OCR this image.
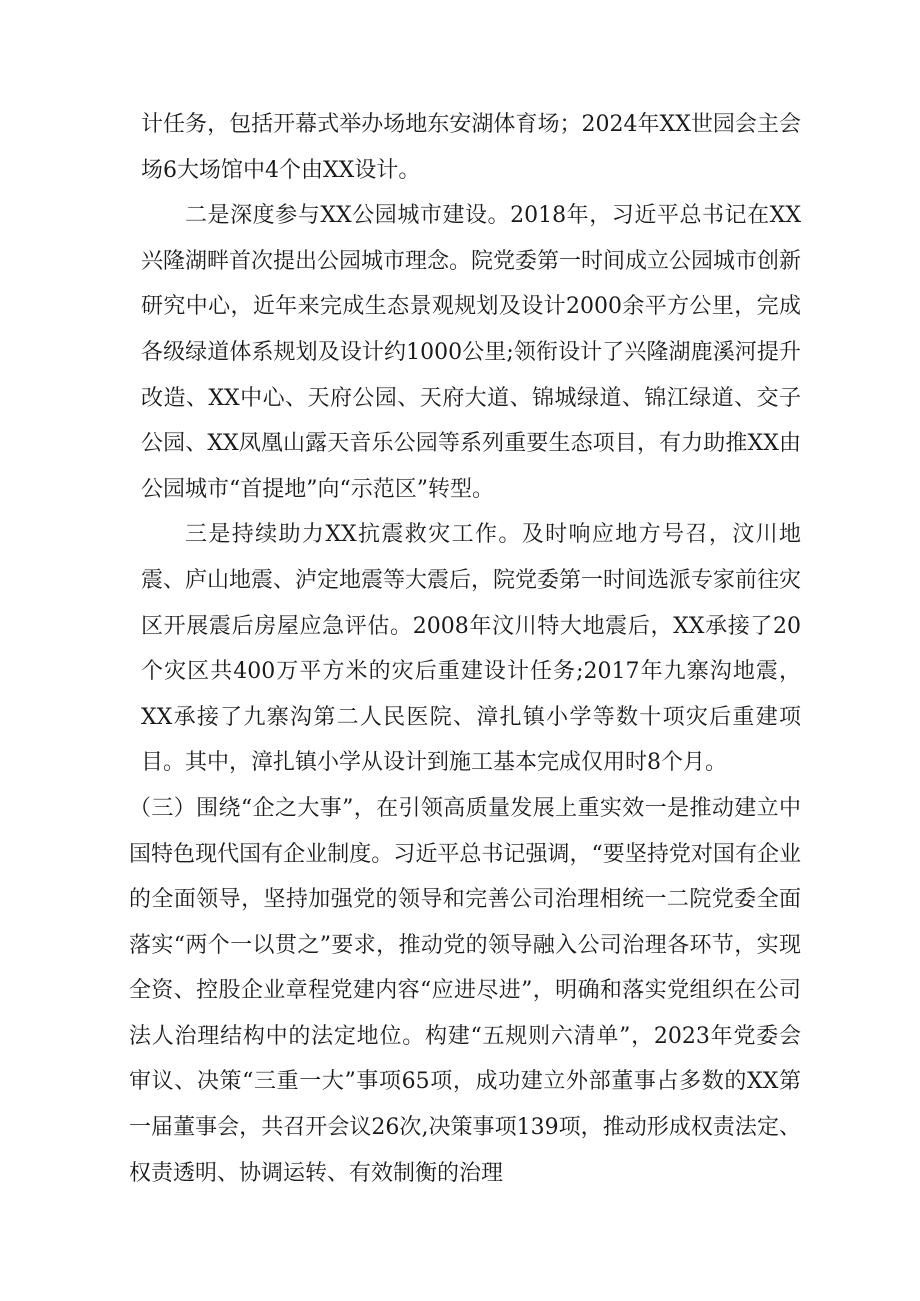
计任务，包括开幕式举办场地东安湖体育场；2024年XX世园会主会场6大场馆中4个由XX设计。

二是深度参与XX公园城市建设。2018年，习近平总书记在XX兴隆湖畔首次提出公园城市理念。院党委第一时间成立公园城市创新研究中心，近年来完成生态景观规划及设计2000余平方公里，完成各级绿道体系规划及设计约1000公里;领衔设计了兴隆湖鹿溪河提升改造、XX中心、天府公园、天府大道、锦城绿道、锦江绿道、交子公园、XX凤凰山露天音乐公园等系列重要生态项目，有力助推XX由公园城市“首提地”向“示范区”转型。

三是持续助力XX抗震救灾工作。及时响应地方号召，汶川地震、庐山地震、泸定地震等大震后，院党委第一时间选派专家前往灾区开展震后房屋应急评估。2008年汶川特大地震后，XX承接了20个灾区共400万平方米的灾后重建设计任务;2017年九寨沟地震，XX承接了九寨沟第二人民医院、漳扎镇小学等数十项灾后重建项目。其中，漳扎镇小学从设计到施工基本完成仅用时8个月。

（三）围绕“企之大事”，在引领高质量发展上重实效一是推动建立中国特色现代国有企业制度。习近平总书记强调，“要坚持党对国有企业的全面领导，坚持加强党的领导和完善公司治理相统一二院党委全面落实“两个一以贯之”要求，推动党的领导融入公司治理各环节，实现全资、控股企业章程党建内容“应进尽进”，明确和落实党组织在公司法人治理结构中的法定地位。构建“五规则六清单”，2023年党委会审议、决策“三重一大”事项65项，成功建立外部董事占多数的XX第一届董事会，共召开会议26次,决策事项139项，推动形成权责法定、权责透明、协调运转、有效制衡的治理
